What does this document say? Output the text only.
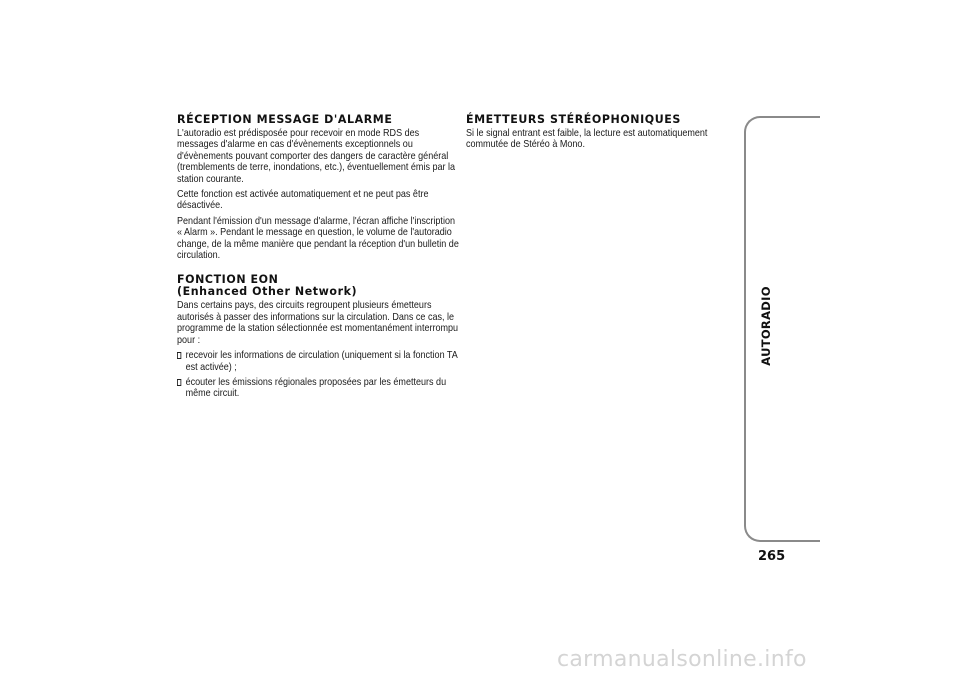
RÉCEPTION MESSAGE D'ALARME

L'autoradio est prédisposée pour recevoir en mode RDS des messages d'alarme en cas d'évènements exceptionnels ou d'évènements pouvant comporter des dangers de caractère général (tremblements de terre, inondations, etc.), éventuellement émis par la station courante.

Cette fonction est activée automatiquement et ne peut pas être désactivée.

Pendant l'émission d'un message d'alarme, l'écran affiche l'inscription « Alarm ». Pendant le message en question, le volume de l'autoradio change, de la même manière que pendant la réception d'un bulletin de circulation.

FONCTION EON
(Enhanced Other Network)

Dans certains pays, des circuits regroupent plusieurs émetteurs autorisés à passer des informations sur la circulation. Dans ce cas, le programme de la station sélectionnée est momentanément interrompu pour :

recevoir les informations de circulation (uniquement si la fonction TA est activée) ;
écouter les émissions régionales proposées par les émetteurs du même circuit.
ÉMETTEURS STÉRÉOPHONIQUES

Si le signal entrant est faible, la lecture est automatiquement commutée de Stéréo à Mono.

AUTORADIO
265
carmanualsonline.info
